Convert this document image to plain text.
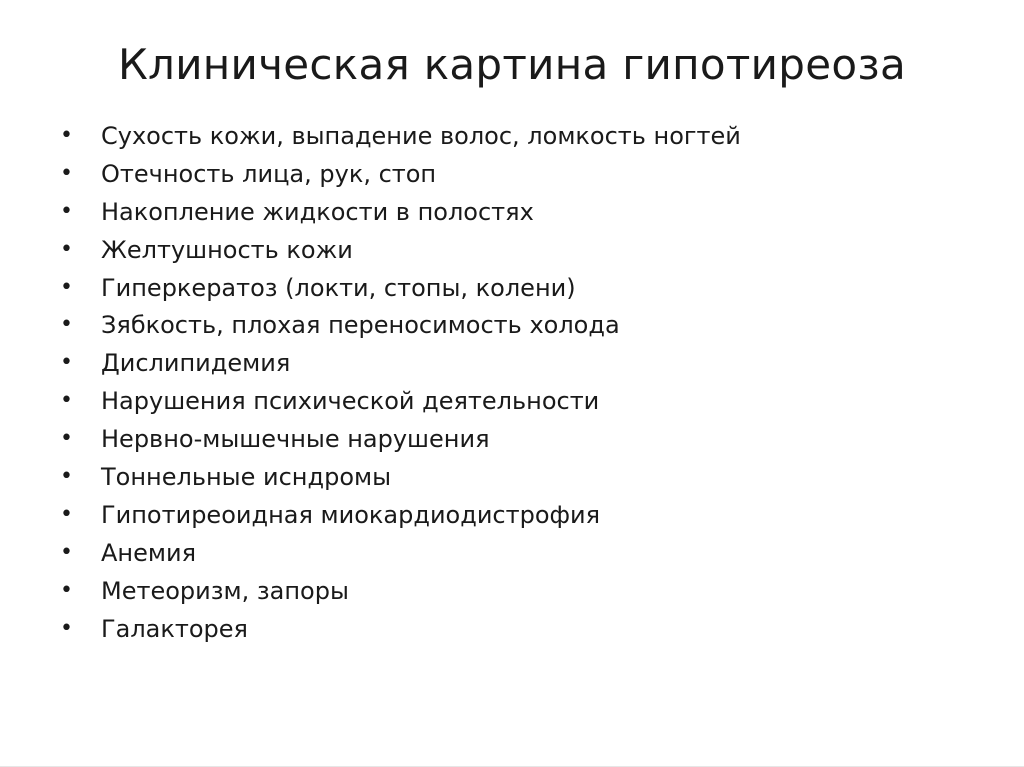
Клиническая картина гипотиреоза
•	Сухость кожи, выпадение волос, ломкость ногтей
•	Отечность лица, рук, стоп
•	Накопление жидкости в полостях
•	Желтушность кожи
•	Гиперкератоз (локти, стопы, колени)
•	Зябкость, плохая переносимость холода
•	Дислипидемия
•	Нарушения психической деятельности
•	Нервно-мышечные нарушения
•	Тоннельные исндромы
•	Гипотиреоидная миокардиодистрофия
•	Анемия
•	Метеоризм, запоры
•	Галакторея
